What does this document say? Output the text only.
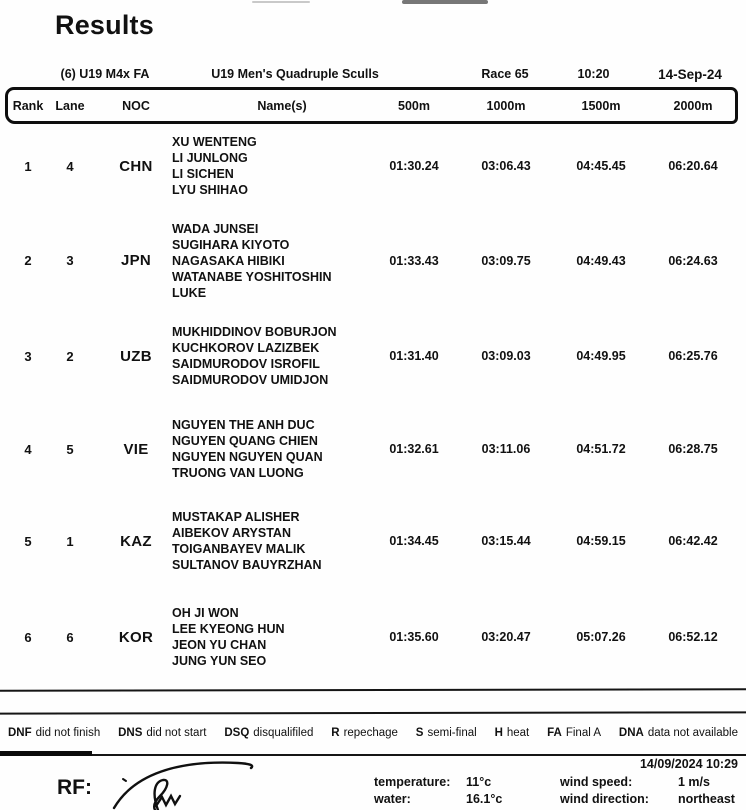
Results
(6) U19 M4x FA	U19 Men's Quadruple Sculls	Race 65	10:20	14-Sep-24
Rank Lane	NOC	Name(s)	500m	1000m	1500m	2000m
1	4	CHN
XU WENTENG
LI JUNLONG
LI SICHEN
LYU SHIHAO
01:30.24	03:06.43	04:45.45	06:20.64
2	3	JPN
WADA JUNSEI
SUGIHARA KIYOTO
NAGASAKA HIBIKI
WATANABE YOSHITOSHIN
LUKE
01:33.43	03:09.75	04:49.43	06:24.63
3	2	UZB
MUKHIDDINOV BOBURJON
KUCHKOROV LAZIZBEK
SAIDMURODOV ISROFIL
SAIDMURODOV UMIDJON
01:31.40	03:09.03	04:49.95	06:25.76
4	5	VIE
NGUYEN THE ANH DUC
NGUYEN QUANG CHIEN
NGUYEN NGUYEN QUAN
TRUONG VAN LUONG
01:32.61	03:11.06	04:51.72	06:28.75
5	1	KAZ
MUSTAKAP ALISHER
AIBEKOV ARYSTAN
TOIGANBAYEV MALIK
SULTANOV BAUYRZHAN
01:34.45	03:15.44	04:59.15	06:42.42
6	6	KOR
OH JI WON
LEE KYEONG HUN
JEON YU CHAN
JUNG YUN SEO
01:35.60	03:20.47	05:07.26	06:52.12
DNF did not finish DNS did not start DSQ disqualifiled R repechage S semi-final H heat FA Final A DNA data not available
14/09/2024 10:29
RF:	temperature: 11°c
water:	16.1°c
wind speed:	1 m/s
wind direction: northeast
